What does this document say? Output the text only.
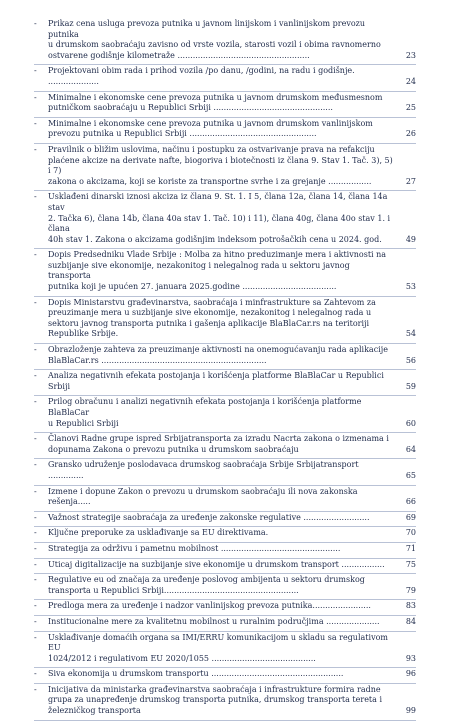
-	Prikaz cena usluga prevoza putnika u javnom linijskom i vanlinijskom prevozu putnika
u drumskom saobraćaju zavisno od vrste vozila, starosti vozil i obima ravnomerno
ostvarene godišnje kilometraže ....................................................	23
-	Projektovani obim rada i prihod vozila /po danu, /godini, na radu i godišnje. ....................	24
-	Minimalne i ekonomske cene prevoza putnika u javnom drumskom međusmesnom
putničkom saobraćaju u Republici Srbiji ...............................................	25
-	Minimalne i ekonomske cene prevoza putnika u javnom drumskom vanlinijskom
prevozu putnika u Republici Srbiji ..................................................	26
-	Pravilnik o bližim uslovima, načinu i postupku za ostvarivanje prava na refakciju
plaćene akcize na derivate nafte, biogoriva i biotečnosti iz člana 9. Stav 1. Tač. 3), 5) i 7)
zakona o akcizama, koji se koriste za transportne svrhe i za grejanje .................	27
-	Usklađeni dinarski iznosi akciza iz člana 9. St. 1. I 5, člana 12a, člana 14, člana 14a stav
2. Tačka 6), člana 14b, člana 40a stav 1. Tač. 10) i 11), člana 40g, člana 40o stav 1. i člana
40h stav 1. Zakona o akcizama godišnjim indeksom potrošačkih cena u 2024. god.	49
-	Dopis Predsedniku Vlade Srbije : Molba za hitno preduzimanje mera i aktivnosti na
suzbijanje sive ekonomije, nezakonitog i nelegalnog rada u sektoru javnog transporta
putnika koji je upućen 27. januara 2025.godine .....................................	53
-	Dopis Ministarstvu građevinarstva, saobraćaja i minfrastrukture sa Zahtevom za
preuzimanje mera u suzbijanje sive ekonomije, nezakonitog i nelegalnog rada u
sektoru javnog transporta putnika i gašenja aplikacije BlaBlaCar.rs na teritoriji
Republike Srbije.	54
-	Obrazloženje zahteva za preuzimanje aktivnosti na onemogućavanju rada aplikacije
BlaBlaCar.rs .................................................................	56
-	Analiza negativnih efekata postojanja i korišćenja platforme BlaBlaCar u Republici Srbiji	59
-	Prilog obračunu i analizi negativnih efekata postojanja i korišćenja platforme BlaBlaCar
u Republici Srbiji	60
-	Članovi Radne grupe ispred Srbijatransporta za izradu Nacrta zakona o izmenama i
dopunama Zakona o prevozu putnika u drumskom saobraćaju	64
-	Gransko udruženje poslodavaca drumskog saobraćaja Srbije Srbijatransport ..............	65
-	Izmene i dopune Zakon o prevozu u drumskom saobraćaju ili nova zakonska rešenja.....	66
-	Važnost strategije saobraćaja za uređenje zakonske regulative ..........................	69
-	Ključne preporuke za usklađivanje sa EU direktivama.	70
-	Strategija za održivu i pametnu mobilnost ...............................................	71
-	Uticaj digitalizacije na suzbijanje sive ekonomije u drumskom transport .................	75
-	Regulative eu od značaja za uređenje poslovog ambijenta u sektoru drumskog
transporta u Republici Srbiji.....................................................	79
-	Predloga mera za uređenje i nadzor vanlinijskog prevoza putnika.......................	83
-	Institucionalne mere za kvalitetnu mobilnost u ruralnim područjima .....................	84
-	Usklađivanje domaćih organa sa IMI/ERRU komunikacijom u skladu sa regulativom EU
1024/2012 i regulativom EU 2020/1055 .........................................	93
-	Siva ekonomija u drumskom transportu ....................................................	96
-	Inicijativa da ministarka građevinarstva saobraćaja i infrastrukture formira radne
grupa za unapređenje drumskog transporta putnika, drumskog transporta tereta i
železničkog transporta	99
